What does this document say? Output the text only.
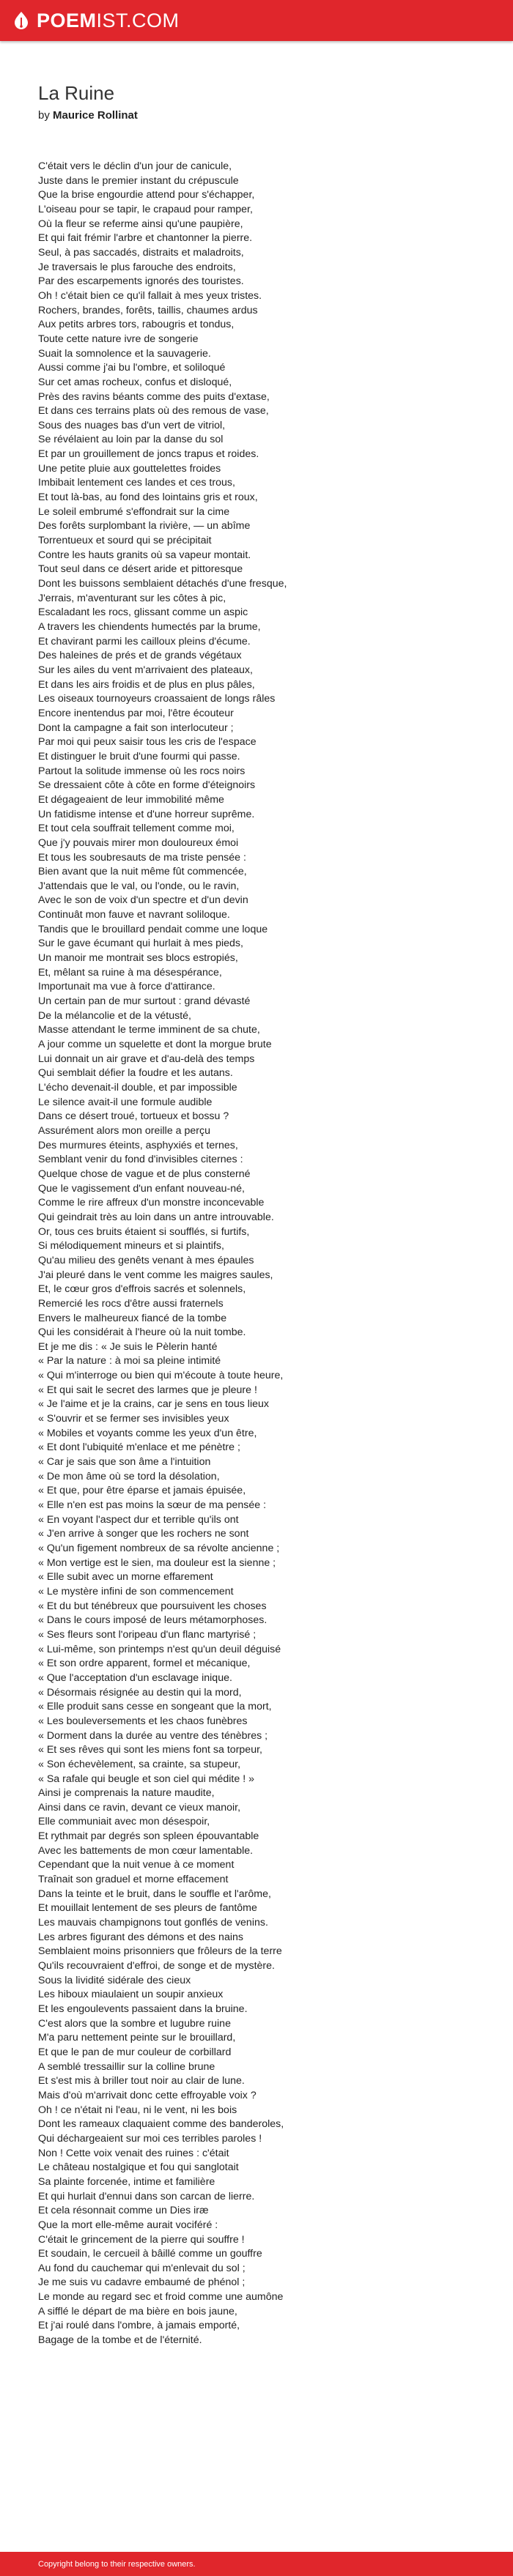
POEM IST.COM
La Ruine
by Maurice Rollinat
C'était vers le déclin d'un jour de canicule,
Juste dans le premier instant du crépuscule
Que la brise engourdie attend pour s'échapper,
L'oiseau pour se tapir, le crapaud pour ramper,
Où la fleur se referme ainsi qu'une paupière,
Et qui fait frémir l'arbre et chantonner la pierre.
Seul, à pas saccadés, distraits et maladroits,
Je traversais le plus farouche des endroits,
Par des escarpements ignorés des touristes.
Oh ! c'était bien ce qu'il fallait à mes yeux tristes.
Rochers, brandes, forêts, taillis, chaumes ardus
Aux petits arbres tors, rabougris et tondus,
Toute cette nature ivre de songerie
Suait la somnolence et la sauvagerie.
Aussi comme j'ai bu l'ombre, et soliloqué
Sur cet amas rocheux, confus et disloqué,
Près des ravins béants comme des puits d'extase,
Et dans ces terrains plats où des remous de vase,
Sous des nuages bas d'un vert de vitriol,
Se révélaient au loin par la danse du sol
Et par un grouillement de joncs trapus et roides.
Une petite pluie aux gouttelettes froides
Imbibait lentement ces landes et ces trous,
Et tout là-bas, au fond des lointains gris et roux,
Le soleil embrumé s'effondrait sur la cime
Des forêts surplombant la rivière, — un abîme
Torrentueux et sourd qui se précipitait
Contre les hauts granits où sa vapeur montait.
Tout seul dans ce désert aride et pittoresque
Dont les buissons semblaient détachés d'une fresque,
J'errais, m'aventurant sur les côtes à pic,
Escaladant les rocs, glissant comme un aspic
A travers les chiendents humectés par la brume,
Et chavirant parmi les cailloux pleins d'écume.
Des haleines de prés et de grands végétaux
Sur les ailes du vent m'arrivaient des plateaux,
Et dans les airs froidis et de plus en plus pâles,
Les oiseaux tournoyeurs croassaient de longs râles
Encore inentendus par moi, l'être écouteur
Dont la campagne a fait son interlocuteur ;
Par moi qui peux saisir tous les cris de l'espace
Et distinguer le bruit d'une fourmi qui passe.
Partout la solitude immense où les rocs noirs
Se dressaient côte à côte en forme d'éteignoirs
Et dégageaient de leur immobilité même
Un fatidisme intense et d'une horreur suprême.
Et tout cela souffrait tellement comme moi,
Que j'y pouvais mirer mon douloureux émoi
Et tous les soubresauts de ma triste pensée :
Bien avant que la nuit même fût commencée,
J'attendais que le val, ou l'onde, ou le ravin,
Avec le son de voix d'un spectre et d'un devin
Continuât mon fauve et navrant soliloque.
Tandis que le brouillard pendait comme une loque
Sur le gave écumant qui hurlait à mes pieds,
Un manoir me montrait ses blocs estropiés,
Et, mêlant sa ruine à ma désespérance,
Importunait ma vue à force d'attirance.
Un certain pan de mur surtout : grand dévasté
De la mélancolie et de la vétusté,
Masse attendant le terme imminent de sa chute,
A jour comme un squelette et dont la morgue brute
Lui donnait un air grave et d'au-delà des temps
Qui semblait défier la foudre et les autans.
L'écho devenait-il double, et par impossible
Le silence avait-il une formule audible
Dans ce désert troué, tortueux et bossu ?
Assurément alors mon oreille a perçu
Des murmures éteints, asphyxiés et ternes,
Semblant venir du fond d'invisibles citernes :
Quelque chose de vague et de plus consterné
Que le vagissement d'un enfant nouveau-né,
Comme le rire affreux d'un monstre inconcevable
Qui geindrait très au loin dans un antre introuvable.
Or, tous ces bruits étaient si soufflés, si furtifs,
Si mélodiquement mineurs et si plaintifs,
Qu'au milieu des genêts venant à mes épaules
J'ai pleuré dans le vent comme les maigres saules,
Et, le cœur gros d'effrois sacrés et solennels,
Remercié les rocs d'être aussi fraternels
Envers le malheureux fiancé de la tombe
Qui les considérait à l'heure où la nuit tombe.
Et je me dis : « Je suis le Pèlerin hanté
« Par la nature : à moi sa pleine intimité
« Qui m'interroge ou bien qui m'écoute à toute heure,
« Et qui sait le secret des larmes que je pleure !
« Je l'aime et je la crains, car je sens en tous lieux
« S'ouvrir et se fermer ses invisibles yeux
« Mobiles et voyants comme les yeux d'un être,
« Et dont l'ubiquité m'enlace et me pénètre ;
« Car je sais que son âme a l'intuition
« De mon âme où se tord la désolation,
« Et que, pour être éparse et jamais épuisée,
« Elle n'en est pas moins la sœur de ma pensée :
« En voyant l'aspect dur et terrible qu'ils ont
« J'en arrive à songer que les rochers ne sont
« Qu'un figement nombreux de sa révolte ancienne ;
« Mon vertige est le sien, ma douleur est la sienne ;
« Elle subit avec un morne effarement
« Le mystère infini de son commencement
« Et du but ténébreux que poursuivent les choses
« Dans le cours imposé de leurs métamorphoses.
« Ses fleurs sont l'oripeau d'un flanc martyrisé ;
« Lui-même, son printemps n'est qu'un deuil déguisé
« Et son ordre apparent, formel et mécanique,
« Que l'acceptation d'un esclavage inique.
« Désormais résignée au destin qui la mord,
« Elle produit sans cesse en songeant que la mort,
« Les bouleversements et les chaos funèbres
« Dorment dans la durée au ventre des ténèbres ;
« Et ses rêves qui sont les miens font sa torpeur,
« Son échevèlement, sa crainte, sa stupeur,
« Sa rafale qui beugle et son ciel qui médite ! »
Ainsi je comprenais la nature maudite,
Ainsi dans ce ravin, devant ce vieux manoir,
Elle communiait avec mon désespoir,
Et rythmait par degrés son spleen épouvantable
Avec les battements de mon cœur lamentable.
Cependant que la nuit venue à ce moment
Traînait son graduel et morne effacement
Dans la teinte et le bruit, dans le souffle et l'arôme,
Et mouillait lentement de ses pleurs de fantôme
Les mauvais champignons tout gonflés de venins.
Les arbres figurant des démons et des nains
Semblaient moins prisonniers que frôleurs de la terre
Qu'ils recouvraient d'effroi, de songe et de mystère.
Sous la lividité sidérale des cieux
Les hiboux miaulaient un soupir anxieux
Et les engoulevents passaient dans la bruine.
C'est alors que la sombre et lugubre ruine
M'a paru nettement peinte sur le brouillard,
Et que le pan de mur couleur de corbillard
A semblé tressaillir sur la colline brune
Et s'est mis à briller tout noir au clair de lune.
Mais d'où m'arrivait donc cette effroyable voix ?
Oh ! ce n'était ni l'eau, ni le vent, ni les bois
Dont les rameaux claquaient comme des banderoles,
Qui déchargeaient sur moi ces terribles paroles !
Non ! Cette voix venait des ruines : c'était
Le château nostalgique et fou qui sanglotait
Sa plainte forcenée, intime et familière
Et qui hurlait d'ennui dans son carcan de lierre.
Et cela résonnait comme un Dies iræ
Que la mort elle-même aurait vociféré :
C'était le grincement de la pierre qui souffre !
Et soudain, le cercueil à bâillé comme un gouffre
Au fond du cauchemar qui m'enlevait du sol ;
Je me suis vu cadavre embaumé de phénol ;
Le monde au regard sec et froid comme une aumône
A sifflé le départ de ma bière en bois jaune,
Et j'ai roulé dans l'ombre, à jamais emporté,
Bagage de la tombe et de l'éternité.
Copyright belong to their respective owners.
